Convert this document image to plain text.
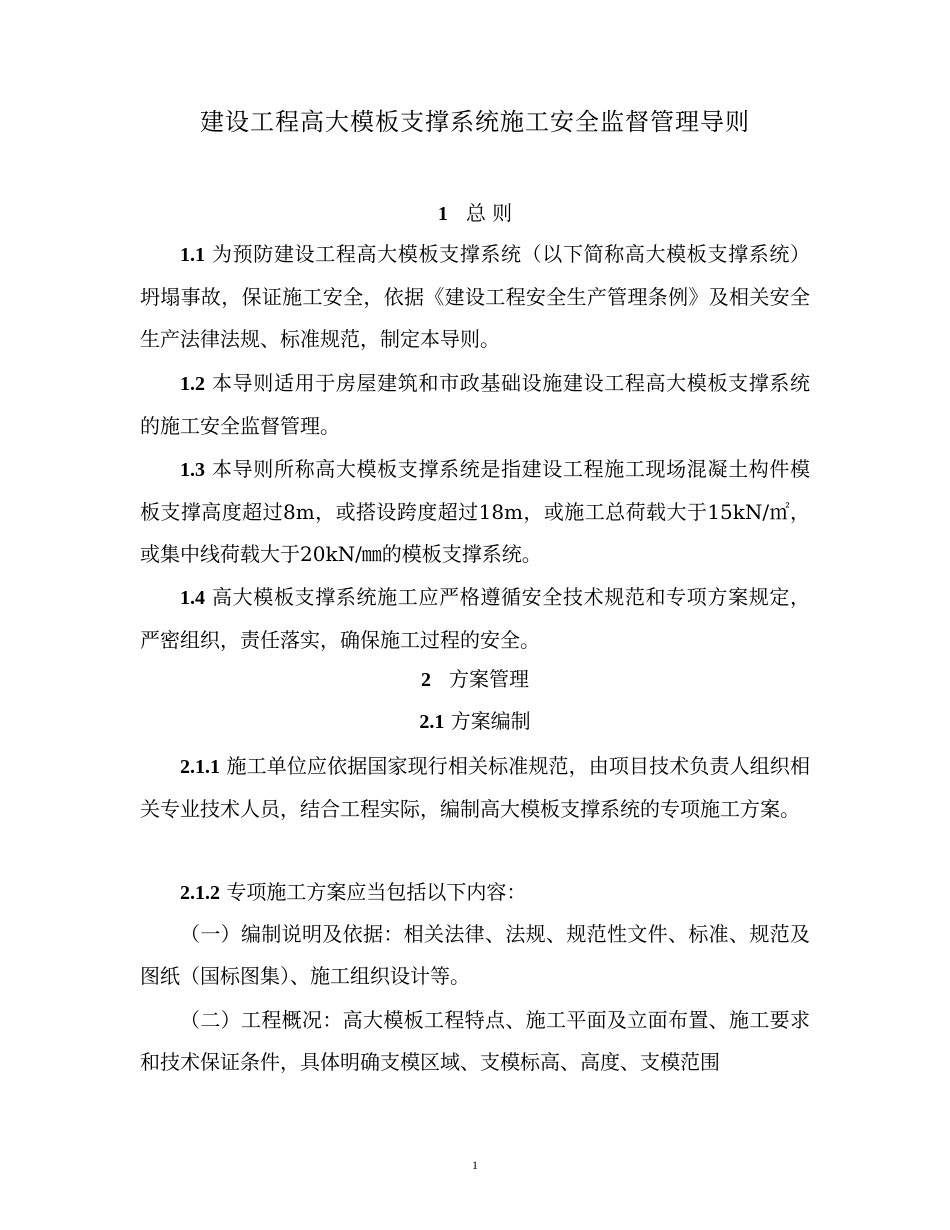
建设工程高大模板支撑系统施工安全监督管理导则
1 总 则

1.1 为预防建设工程高大模板支撑系统（以下简称高大模板支撑系统）坍塌事故，保证施工安全，依据《建设工程安全生产管理条例》及相关安全生产法律法规、标准规范，制定本导则。

1.2 本导则适用于房屋建筑和市政基础设施建设工程高大模板支撑系统的施工安全监督管理。

1.3 本导则所称高大模板支撑系统是指建设工程施工现场混凝土构件模板支撑高度超过8m，或搭设跨度超过18m，或施工总荷载大于15kN/㎡，或集中线荷载大于20kN/㎜的模板支撑系统。

1.4 高大模板支撑系统施工应严格遵循安全技术规范和专项方案规定，严密组织，责任落实，确保施工过程的安全。

2 方案管理
2.1 方案编制

2.1.1 施工单位应依据国家现行相关标准规范，由项目技术负责人组织相关专业技术人员，结合工程实际，编制高大模板支撑系统的专项施工方案。

2.1.2 专项施工方案应当包括以下内容：

（一）编制说明及依据：相关法律、法规、规范性文件、标准、规范及图纸（国标图集）、施工组织设计等。

（二）工程概况：高大模板工程特点、施工平面及立面布置、施工要求和技术保证条件，具体明确支模区域、支模标高、高度、支模范围

1
